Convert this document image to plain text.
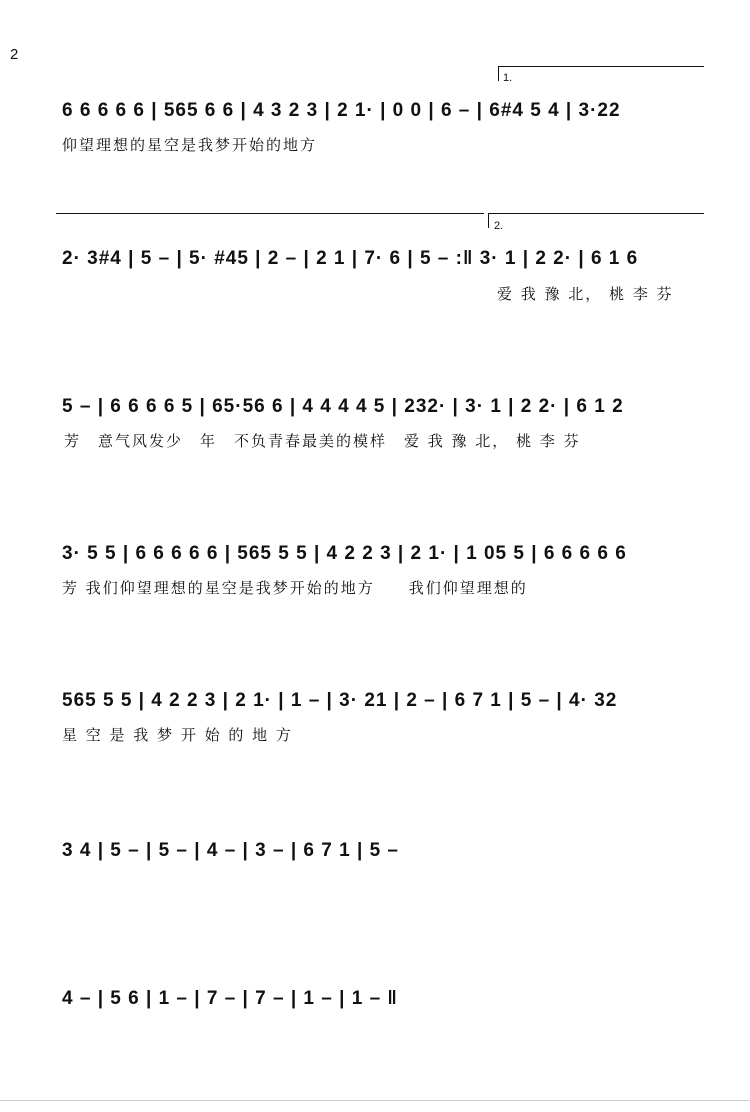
2
1.
2.
6 6 6 6 6 | 565 6 6 | 4 3 2 3 | 2 1· | 0 0 | 6 – | 6#4 5 4 | 3·22
仰望理想的星空是我梦开始的地方
2· 3#4 | 5 – | 5· #45 | 2 – | 2 1 | 7· 6 | 5 – :‖ 3· 1 | 2 2· | 6 1 6
爱 我 豫 北， 桃 李 芬
5 – | 6 6 6 6 5 | 65·56 6 | 4 4 4 4 5 | 232· | 3· 1 | 2 2· | 6 1 2
芳　意气风发少　年　不负青春最美的模样　爱 我 豫 北， 桃 李 芬
3· 5 5 | 6 6 6 6 6 | 565 5 5 | 4 2 2 3 | 2 1· | 1 05 5 | 6 6 6 6 6
芳 我们仰望理想的星空是我梦开始的地方　　我们仰望理想的
565 5 5 | 4 2 2 3 | 2 1· | 1 – | 3· 21 | 2 – | 6 7 1 | 5 – | 4· 32
星 空 是 我 梦 开 始 的 地 方
3 4 | 5 – | 5 – | 4 – | 3 – | 6 7 1 | 5 –
4 – | 5 6 | 1 – | 7 – | 7 – | 1 – | 1 – ‖
